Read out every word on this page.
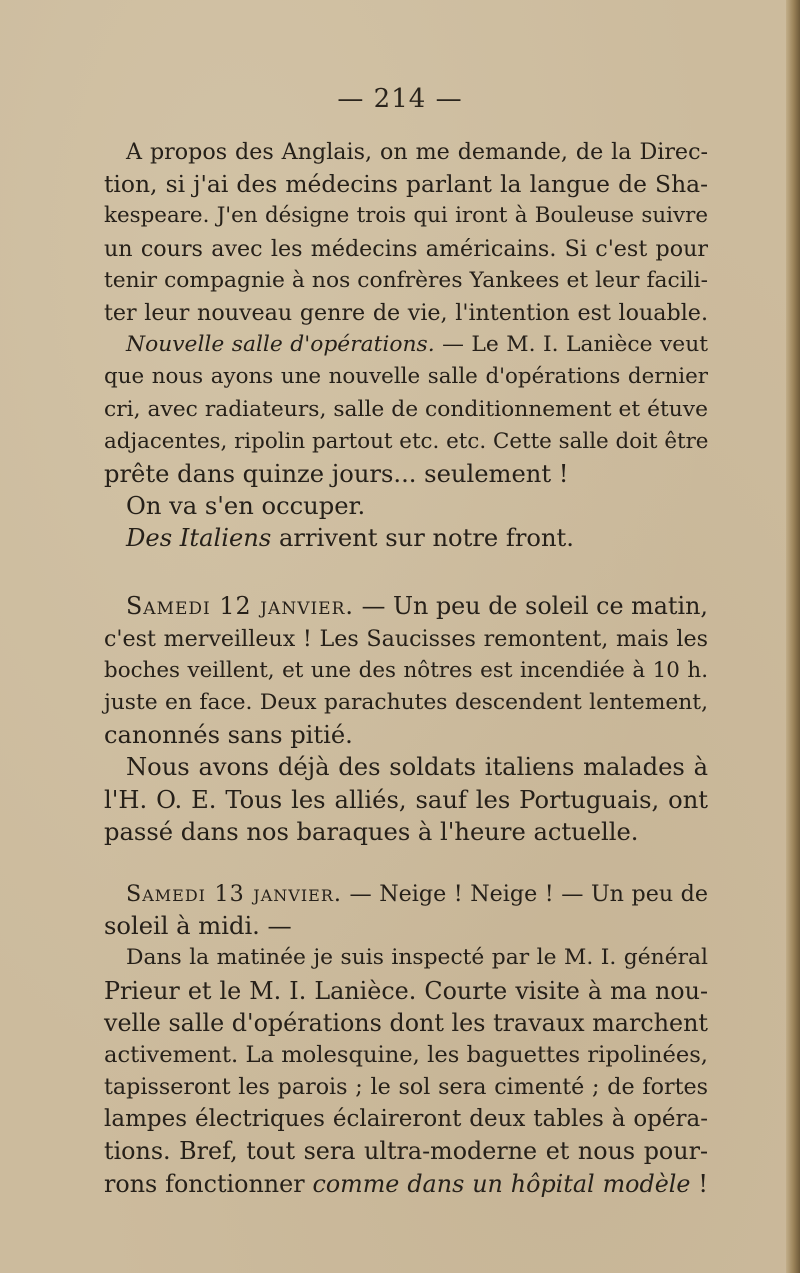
— 214 —
A propos des Anglais, on me demande, de la Direc-
tion, si j'ai des médecins parlant la langue de Sha-
kespeare. J'en désigne trois qui iront à Bouleuse suivre
un cours avec les médecins américains. Si c'est pour
tenir compagnie à nos confrères Yankees et leur facili-
ter leur nouveau genre de vie, l'intention est louable.
Nouvelle salle d'opérations. — Le M. I. Lanièce veut
que nous ayons une nouvelle salle d'opérations dernier
cri, avec radiateurs, salle de conditionnement et étuve
adjacentes, ripolin partout etc. etc. Cette salle doit être
prête dans quinze jours... seulement !
On va s'en occuper.
Des Italiens arrivent sur notre front.
Samedi 12 janvier. — Un peu de soleil ce matin,
c'est merveilleux ! Les Saucisses remontent, mais les
boches veillent, et une des nôtres est incendiée à 10 h.
juste en face. Deux parachutes descendent lentement,
canonnés sans pitié.
Nous avons déjà des soldats italiens malades à
l'H. O. E. Tous les alliés, sauf les Portuguais, ont
passé dans nos baraques à l'heure actuelle.
Samedi 13 janvier. — Neige ! Neige ! — Un peu de
soleil à midi. —
Dans la matinée je suis inspecté par le M. I. général
Prieur et le M. I. Lanièce. Courte visite à ma nou-
velle salle d'opérations dont les travaux marchent
activement. La molesquine, les baguettes ripolinées,
tapisseront les parois ; le sol sera cimenté ; de fortes
lampes électriques éclaireront deux tables à opéra-
tions. Bref, tout sera ultra-moderne et nous pour-
rons fonctionner comme dans un hôpital modèle !
